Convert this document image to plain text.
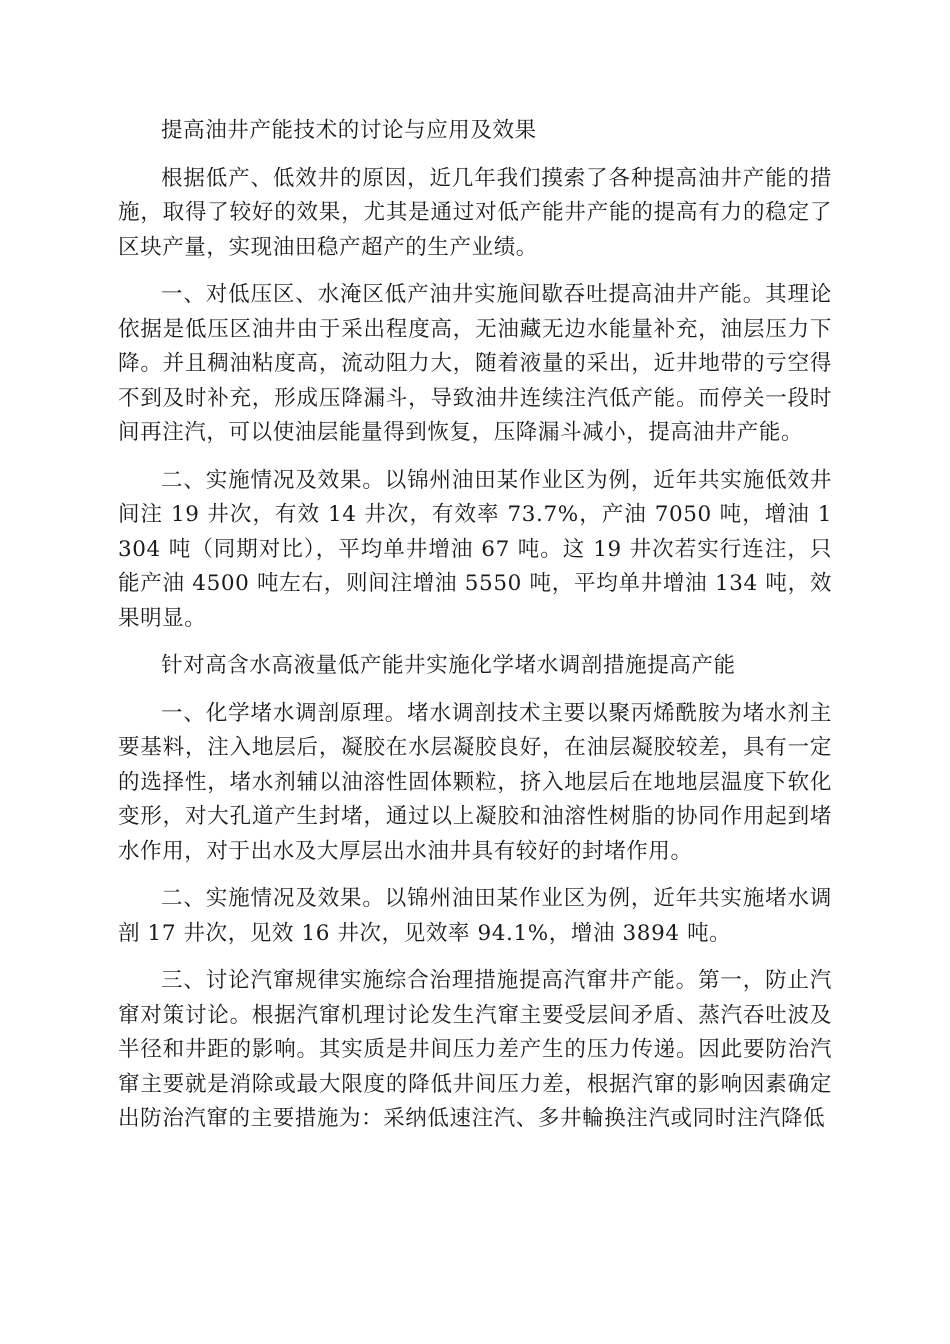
提高油井产能技术的讨论与应用及效果

根据低产、低效井的原因，近几年我们摸索了各种提高油井产能的措施，取得了较好的效果，尤其是通过对低产能井产能的提高有力的稳定了区块产量，实现油田稳产超产的生产业绩。

一、对低压区、水淹区低产油井实施间歇吞吐提高油井产能。其理论依据是低压区油井由于采出程度高，无油藏无边水能量补充，油层压力下降。并且稠油粘度高，流动阻力大，随着液量的采出，近井地带的亏空得不到及时补充，形成压降漏斗，导致油井连续注汽低产能。而停关一段时间再注汽，可以使油层能量得到恢复，压降漏斗减小，提高油井产能。

二、实施情况及效果。以锦州油田某作业区为例，近年共实施低效井间注 19 井次，有效 14 井次，有效率 73.7%，产油 7050 吨，增油 1304 吨（同期对比），平均单井增油 67 吨。这 19 井次若实行连注，只能产油 4500 吨左右，则间注增油 5550 吨，平均单井增油 134 吨，效果明显。

针对高含水高液量低产能井实施化学堵水调剖措施提高产能

一、化学堵水调剖原理。堵水调剖技术主要以聚丙烯酰胺为堵水剂主要基料，注入地层后，凝胶在水层凝胶良好，在油层凝胶较差，具有一定的选择性，堵水剂辅以油溶性固体颗粒，挤入地层后在地地层温度下软化变形，对大孔道产生封堵，通过以上凝胶和油溶性树脂的协同作用起到堵水作用，对于出水及大厚层出水油井具有较好的封堵作用。

二、实施情况及效果。以锦州油田某作业区为例，近年共实施堵水调剖 17 井次，见效 16 井次，见效率 94.1%，增油 3894 吨。

三、讨论汽窜规律实施综合治理措施提高汽窜井产能。第一，防止汽窜对策讨论。根据汽窜机理讨论发生汽窜主要受层间矛盾、蒸汽吞吐波及半径和井距的影响。其实质是井间压力差产生的压力传递。因此要防治汽窜主要就是消除或最大限度的降低井间压力差，根据汽窜的影响因素确定出防治汽窜的主要措施为：采纳低速注汽、多井輪换注汽或同时注汽降低
